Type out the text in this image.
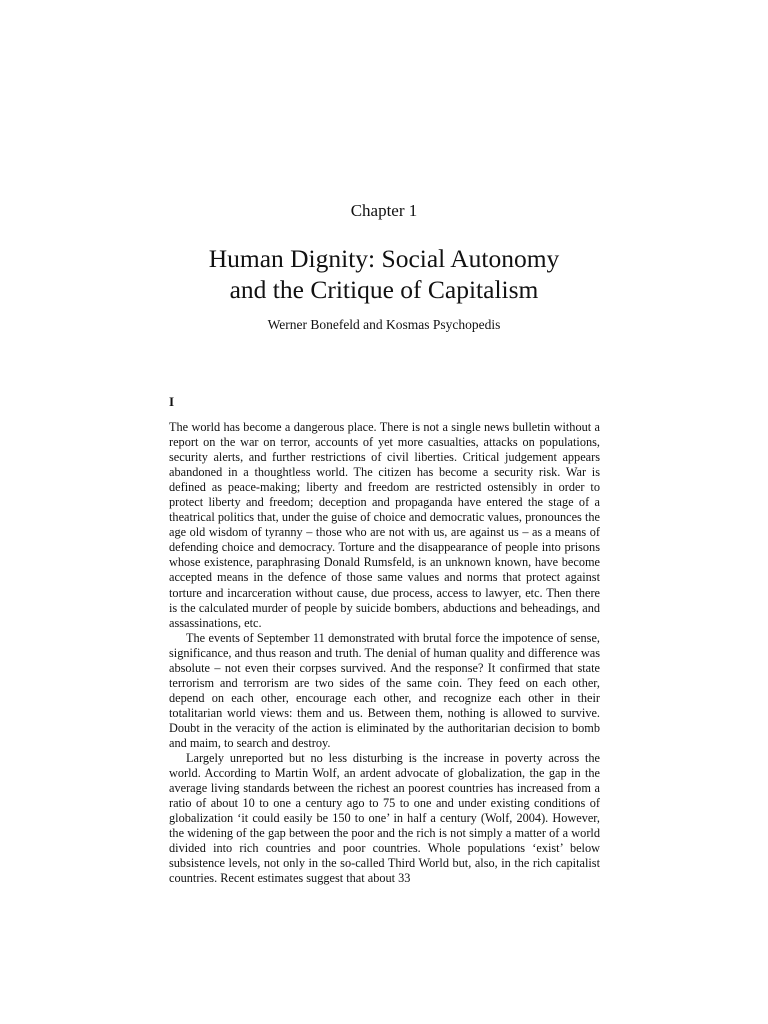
Chapter 1
Human Dignity: Social Autonomy
and the Critique of Capitalism
Werner Bonefeld and Kosmas Psychopedis
I

The world has become a dangerous place. There is not a single news bulletin without a report on the war on terror, accounts of yet more casualties, attacks on populations, security alerts, and further restrictions of civil liberties. Critical judgement appears abandoned in a thoughtless world. The citizen has become a security risk. War is defined as peace-making; liberty and freedom are restricted ostensibly in order to protect liberty and freedom; deception and propaganda have entered the stage of a theatrical politics that, under the guise of choice and democratic values, pronounces the age old wisdom of tyranny – those who are not with us, are against us – as a means of defending choice and democracy. Torture and the disappearance of people into prisons whose existence, paraphrasing Donald Rumsfeld, is an unknown known, have become accepted means in the defence of those same values and norms that protect against torture and incarceration without cause, due process, access to lawyer, etc. Then there is the calculated murder of people by suicide bombers, abductions and beheadings, and assassinations, etc.

The events of September 11 demonstrated with brutal force the impotence of sense, significance, and thus reason and truth. The denial of human quality and difference was absolute – not even their corpses survived. And the response? It confirmed that state terrorism and terrorism are two sides of the same coin. They feed on each other, depend on each other, encourage each other, and recognize each other in their totalitarian world views: them and us. Between them, nothing is allowed to survive. Doubt in the veracity of the action is eliminated by the authoritarian decision to bomb and maim, to search and destroy.

Largely unreported but no less disturbing is the increase in poverty across the world. According to Martin Wolf, an ardent advocate of globalization, the gap in the average living standards between the richest an poorest countries has increased from a ratio of about 10 to one a century ago to 75 to one and under existing conditions of globalization ‘it could easily be 150 to one’ in half a century (Wolf, 2004). However, the widening of the gap between the poor and the rich is not simply a matter of a world divided into rich countries and poor countries. Whole populations ‘exist’ below subsistence levels, not only in the so-called Third World but, also, in the rich capitalist countries. Recent estimates suggest that about 33
